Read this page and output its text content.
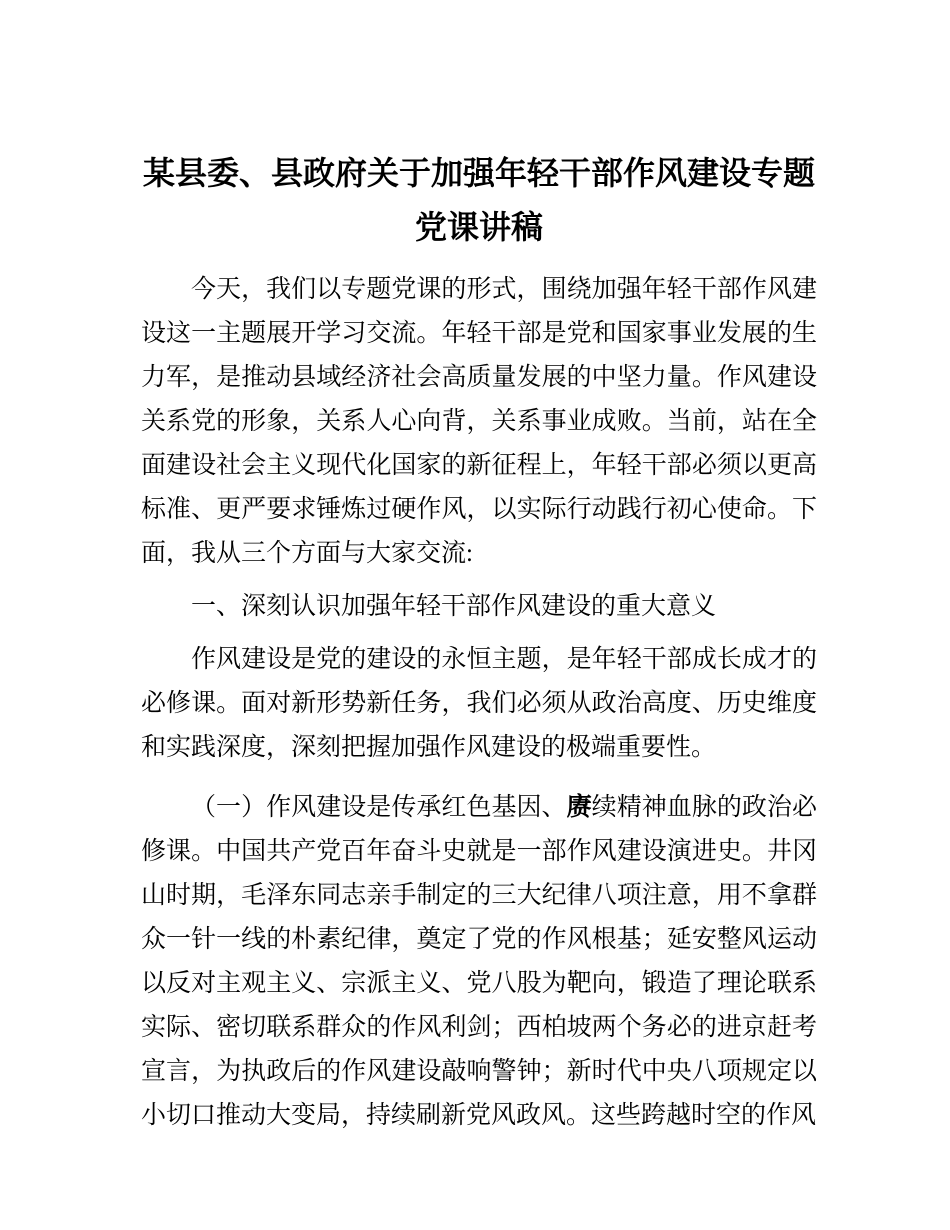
某县委、县政府关于加强年轻干部作风建设专题党课讲稿

今天，我们以专题党课的形式，围绕加强年轻干部作风建设这一主题展开学习交流。年轻干部是党和国家事业发展的生力军，是推动县域经济社会高质量发展的中坚力量。作风建设关系党的形象，关系人心向背，关系事业成败。当前，站在全面建设社会主义现代化国家的新征程上，年轻干部必须以更高标准、更严要求锤炼过硬作风，以实际行动践行初心使命。下面，我从三个方面与大家交流:

一、深刻认识加强年轻干部作风建设的重大意义

作风建设是党的建设的永恒主题，是年轻干部成长成才的必修课。面对新形势新任务，我们必须从政治高度、历史维度和实践深度，深刻把握加强作风建设的极端重要性。

（一）作风建设是传承红色基因、赓续精神血脉的政治必修课。中国共产党百年奋斗史就是一部作风建设演进史。井冈山时期，毛泽东同志亲手制定的三大纪律八项注意，用不拿群众一针一线的朴素纪律，奠定了党的作风根基；延安整风运动以反对主观主义、宗派主义、党八股为靶向，锻造了理论联系实际、密切联系群众的作风利剑；西柏坡两个务必的进京赶考宣言，为执政后的作风建设敲响警钟；新时代中央八项规定以小切口推动大变局，持续刷新党风政风。这些跨越时空的作风
